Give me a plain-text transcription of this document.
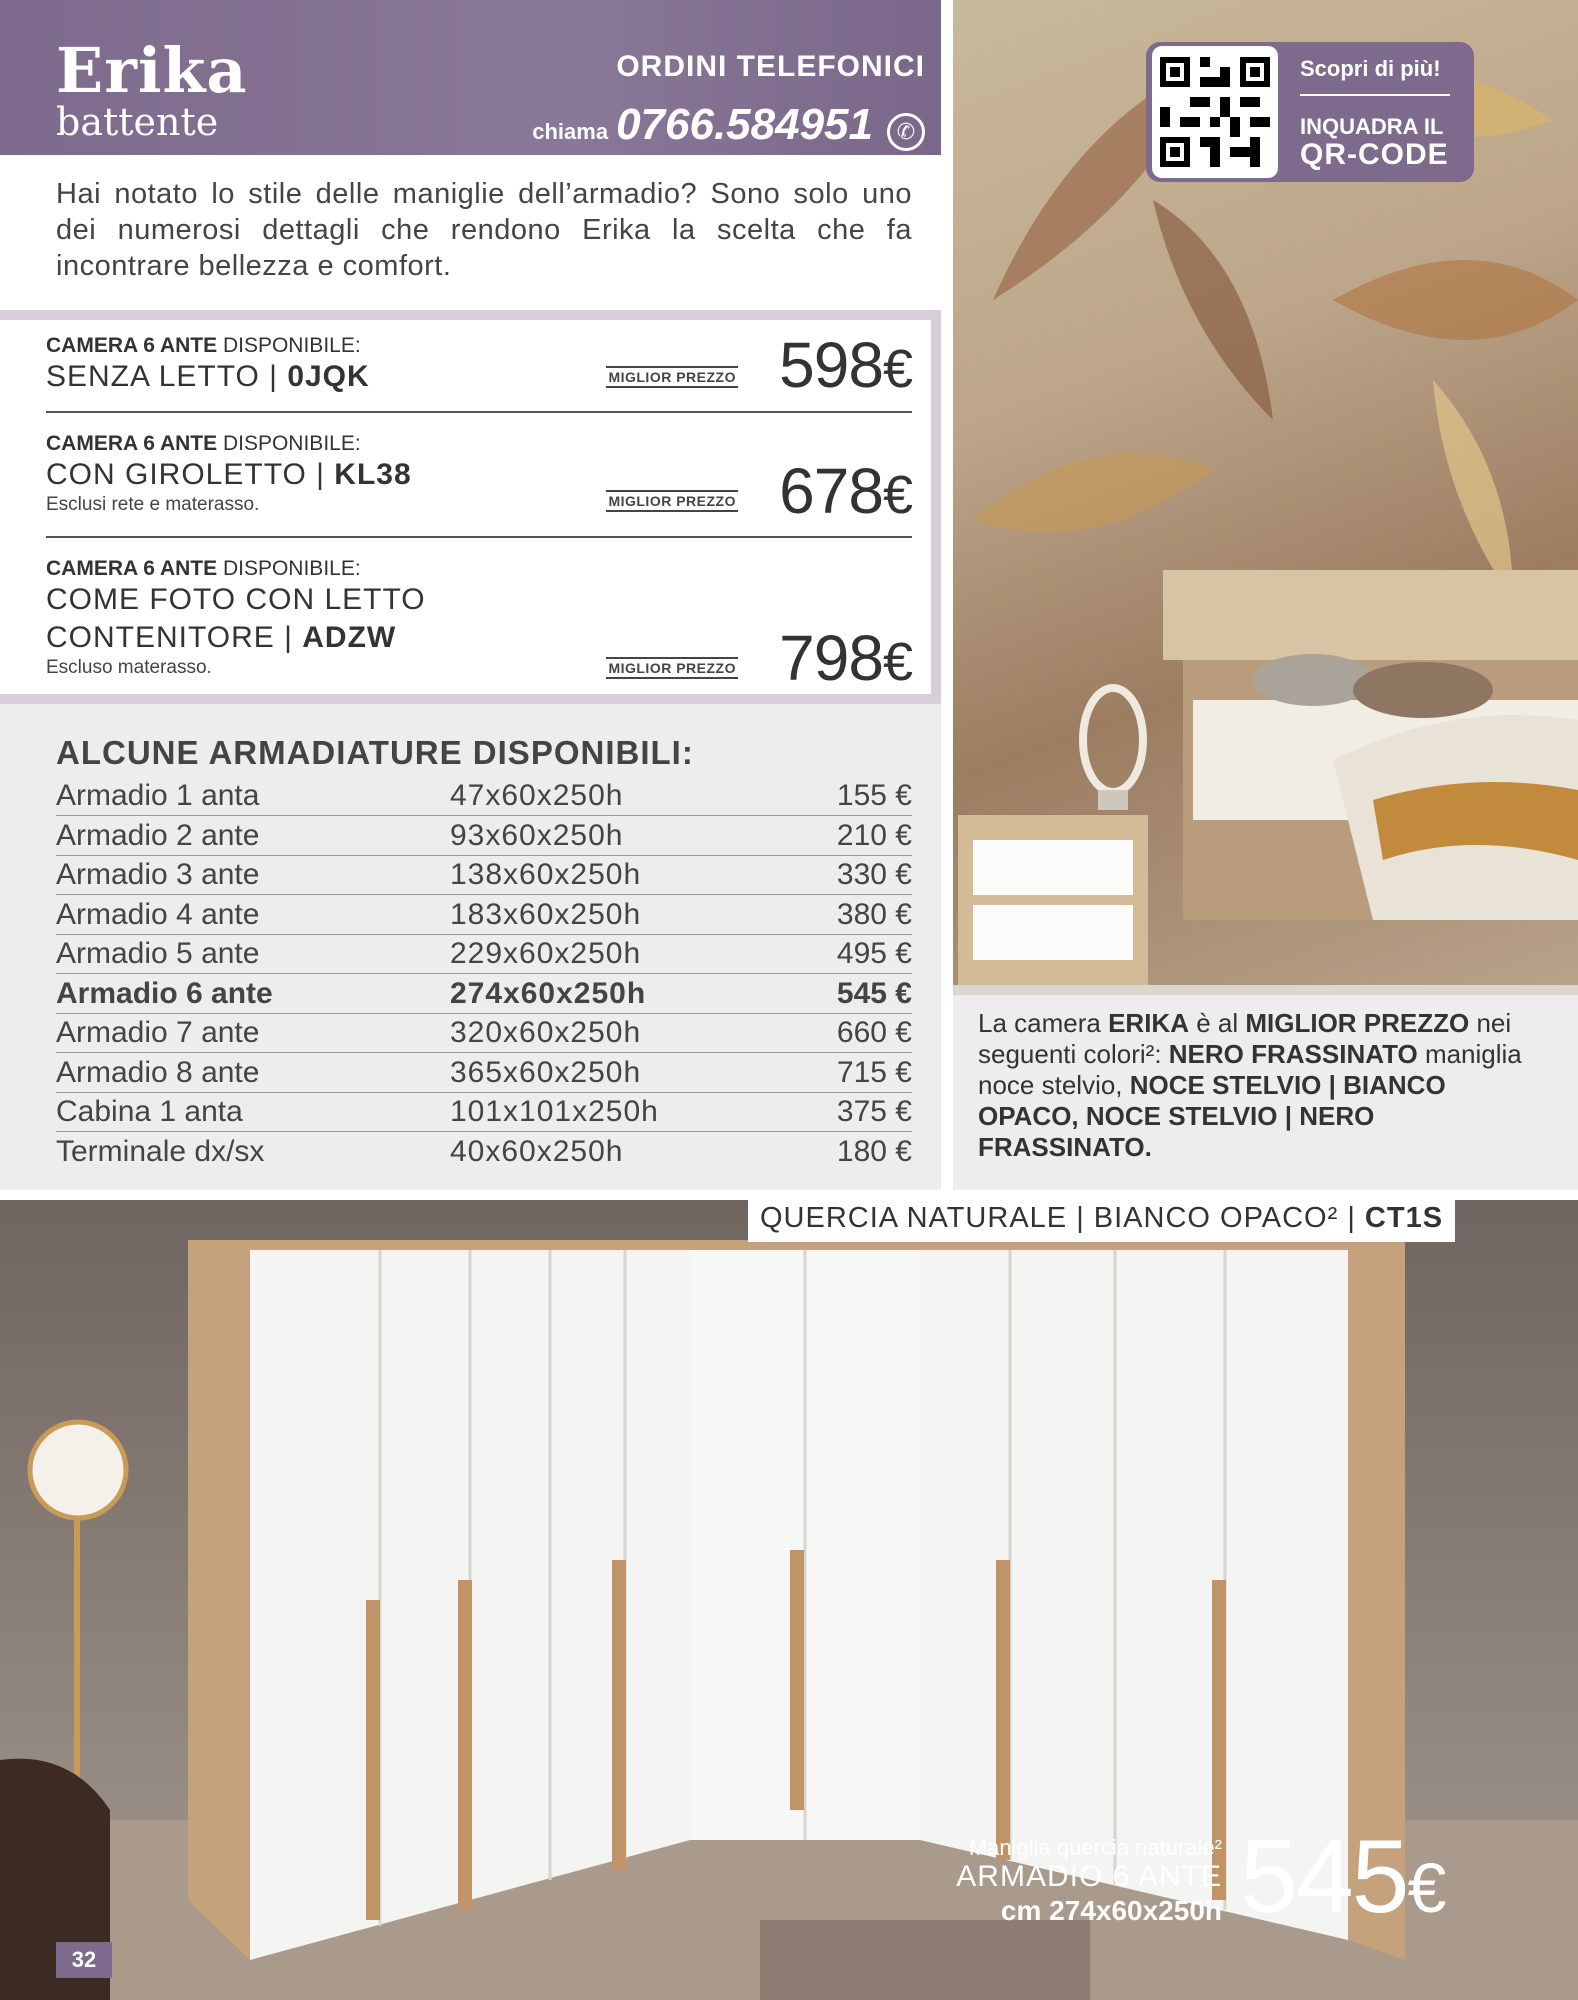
Erika
battente
ORDINI TELEFONICI
chiama 0766.584951	✆
Hai notato lo stile delle maniglie dell’armadio? Sono solo uno dei numerosi dettagli che rendono Erika la scelta che fa incontrare bellezza e comfort.
CAMERA 6 ANTE DISPONIBILE:
SENZA LETTO | 0JQK	MIGLIOR PREZZO 598€
CAMERA 6 ANTE DISPONIBILE:
CON GIROLETTO | KL38
Esclusi rete e materasso.	MIGLIOR PREZZO 678€
CAMERA 6 ANTE DISPONIBILE:
COME FOTO CON LETTO
CONTENITORE | ADZW
Escluso materasso.	MIGLIOR PREZZO 798€
ALCUNE ARMADIATURE DISPONIBILI:
Armadio 1 anta	47x60x250h	155 €
Armadio 2 ante	93x60x250h	210 €
Armadio 3 ante	138x60x250h	330 €
Armadio 4 ante	183x60x250h	380 €
Armadio 5 ante	229x60x250h	495 €
Armadio 6 ante	274x60x250h	545 €
Armadio 7 ante	320x60x250h	660 €
Armadio 8 ante	365x60x250h	715 €
Cabina 1 anta	101x101x250h	375 €
Terminale dx/sx	40x60x250h	180 €
Scopri di più!
INQUADRA IL
QR-CODE
La camera ERIKA è al MIGLIOR PREZZO nei seguenti colori²: NERO FRASSINATO maniglia noce stelvio, NOCE STELVIO | BIANCO OPACO, NOCE STELVIO | NERO FRASSINATO.
QUERCIA NATURALE | BIANCO OPACO² | CT1S
Maniglia quercia naturale²
ARMADIO 6 ANTE
cm 274x60x250h 545€
32
